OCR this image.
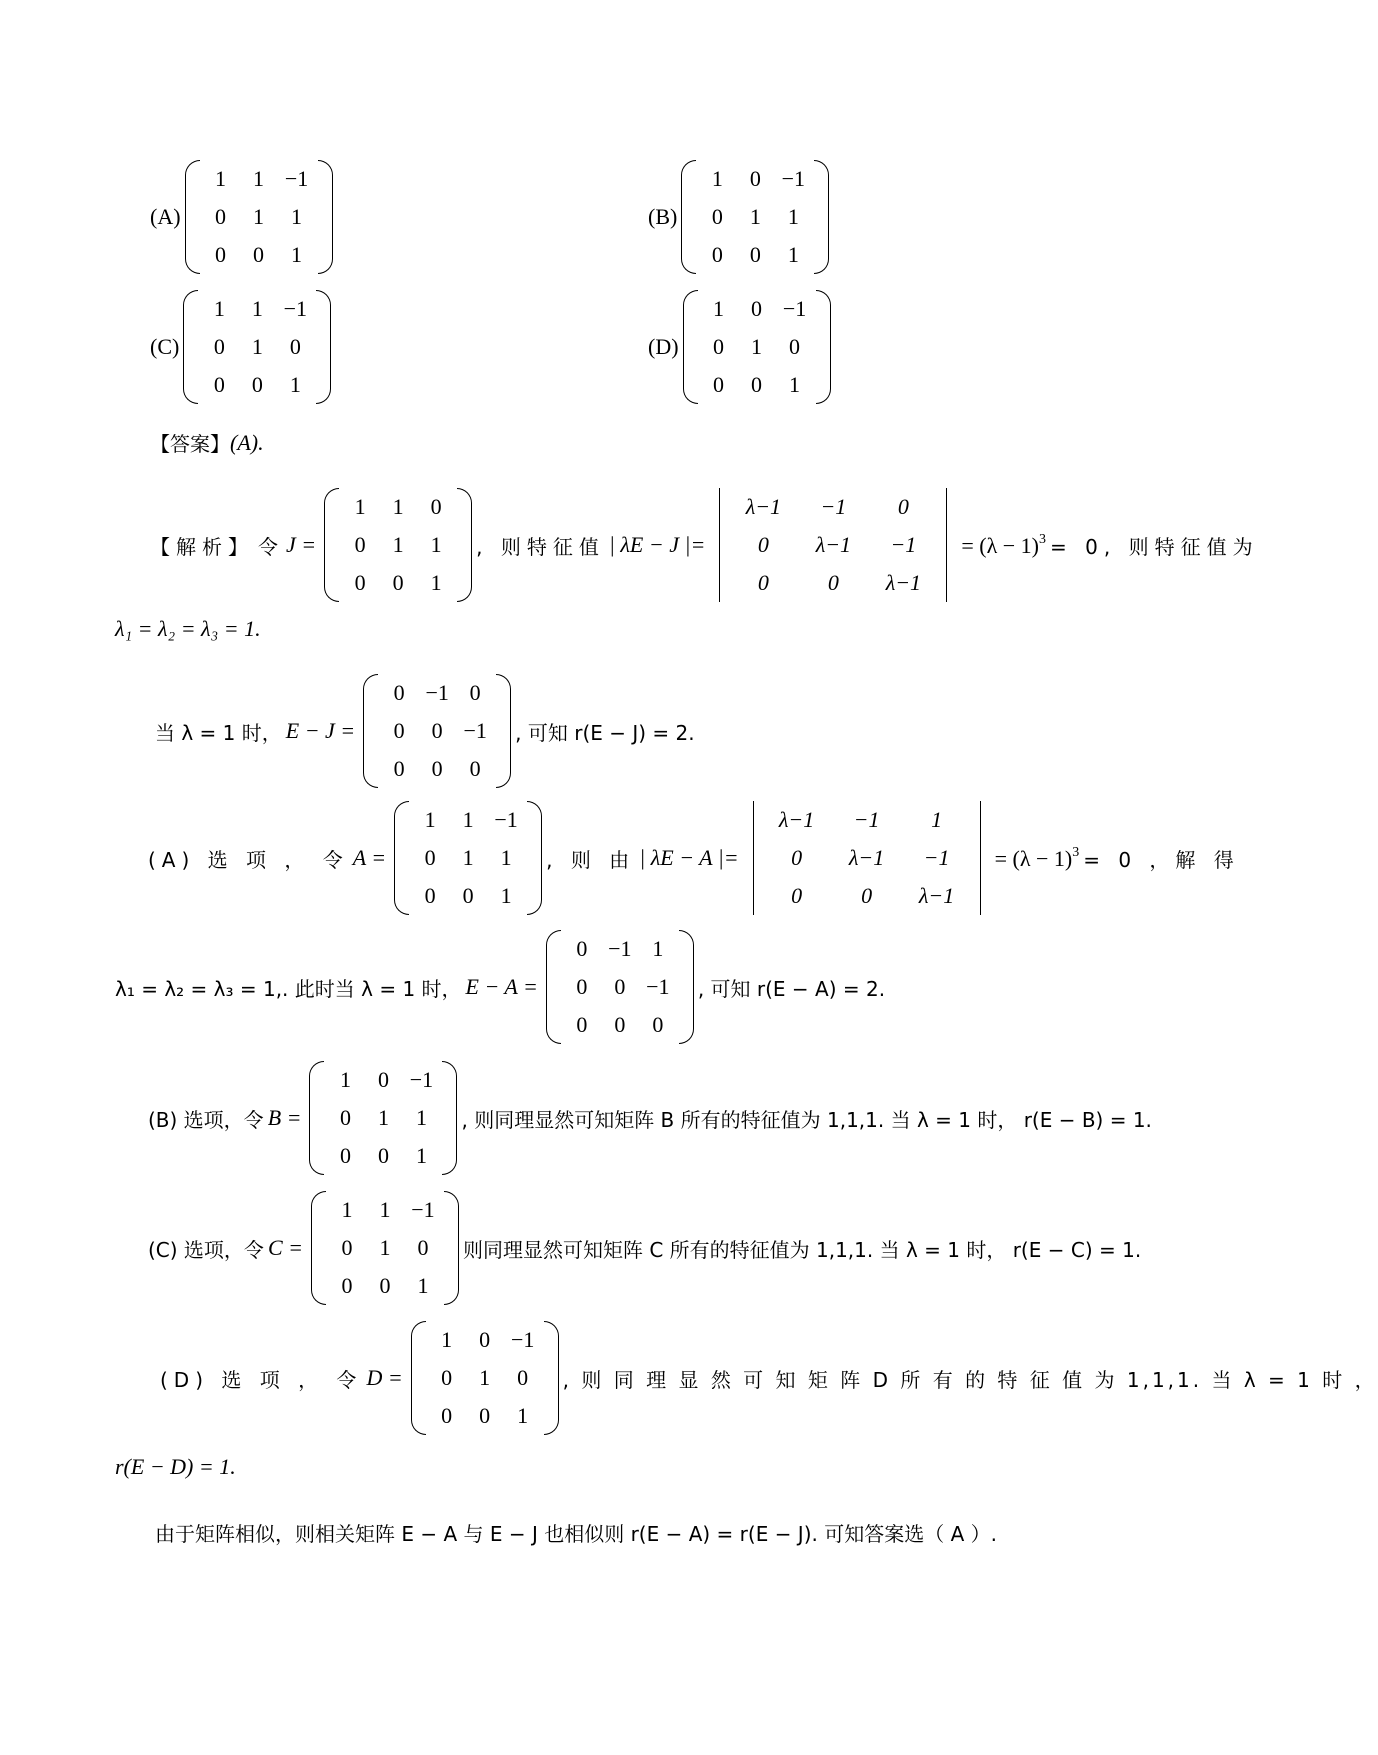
(A)
1	1 −1
0	1	1
0	0	1
(B)
1	0 −1
0	1	1
0	0	1
(C)
1	1 −1
0	1	0
0	0	1
(D)
1	0 −1
0	1	0
0	0	1
【答案】 (A).
【解析】 令 J =
1	1	0
0	1	1
0	0	1
, 则特征值 | λE − J |=
λ−1	−1	0
0	λ−1	−1
0	0	λ−1
= $(\lambda - 1)^3 = 0$, 则特征值为
λ₁ = λ₂ = λ₃ = 1.
当 λ = 1 时， E − J =
0 −1 0
0	0 −1
0	0	0
, 可知 r(E − J) = 2.
(A) 选 项 ， 令 A =
1	1 −1
0	1	1
0	0	1
, 则 由 | λE − A |=
λ−1	−1	1
0	λ−1	−1
0	0	λ−1
= $(\lambda - 1)^3 = 0$ ，解 得
λ₁ = λ₂ = λ₃ = 1,. 此时当 λ = 1 时， E − A =
0 −1 1
0	0 −1
0	0	0
, 可知 r(E − A) = 2.
(B) 选项，令 B =
1	0 −1
0	1	1
0	0	1
, 则同理显然可知矩阵 B 所有的特征值为 1,1,1. 当 λ = 1 时， r(E − B) = 1.
(C) 选项，令 C =
1	1 −1
0	1	0
0	0	1
则同理显然可知矩阵 C 所有的特征值为 1,1,1. 当 λ = 1 时， r(E − C) = 1.
(D) 选 项 ， 令 D =
1	0 −1
0	1	0
0	0	1
, 则 同 理 显 然 可 知 矩 阵 D 所 有 的 特 征 值 为 1,1,1. 当 λ = 1 时 ，
r(E − D) = 1.
由于矩阵相似，则相关矩阵 E − A 与 E − J 也相似则 r(E − A) = r(E − J). 可知答案选（ A ）.
